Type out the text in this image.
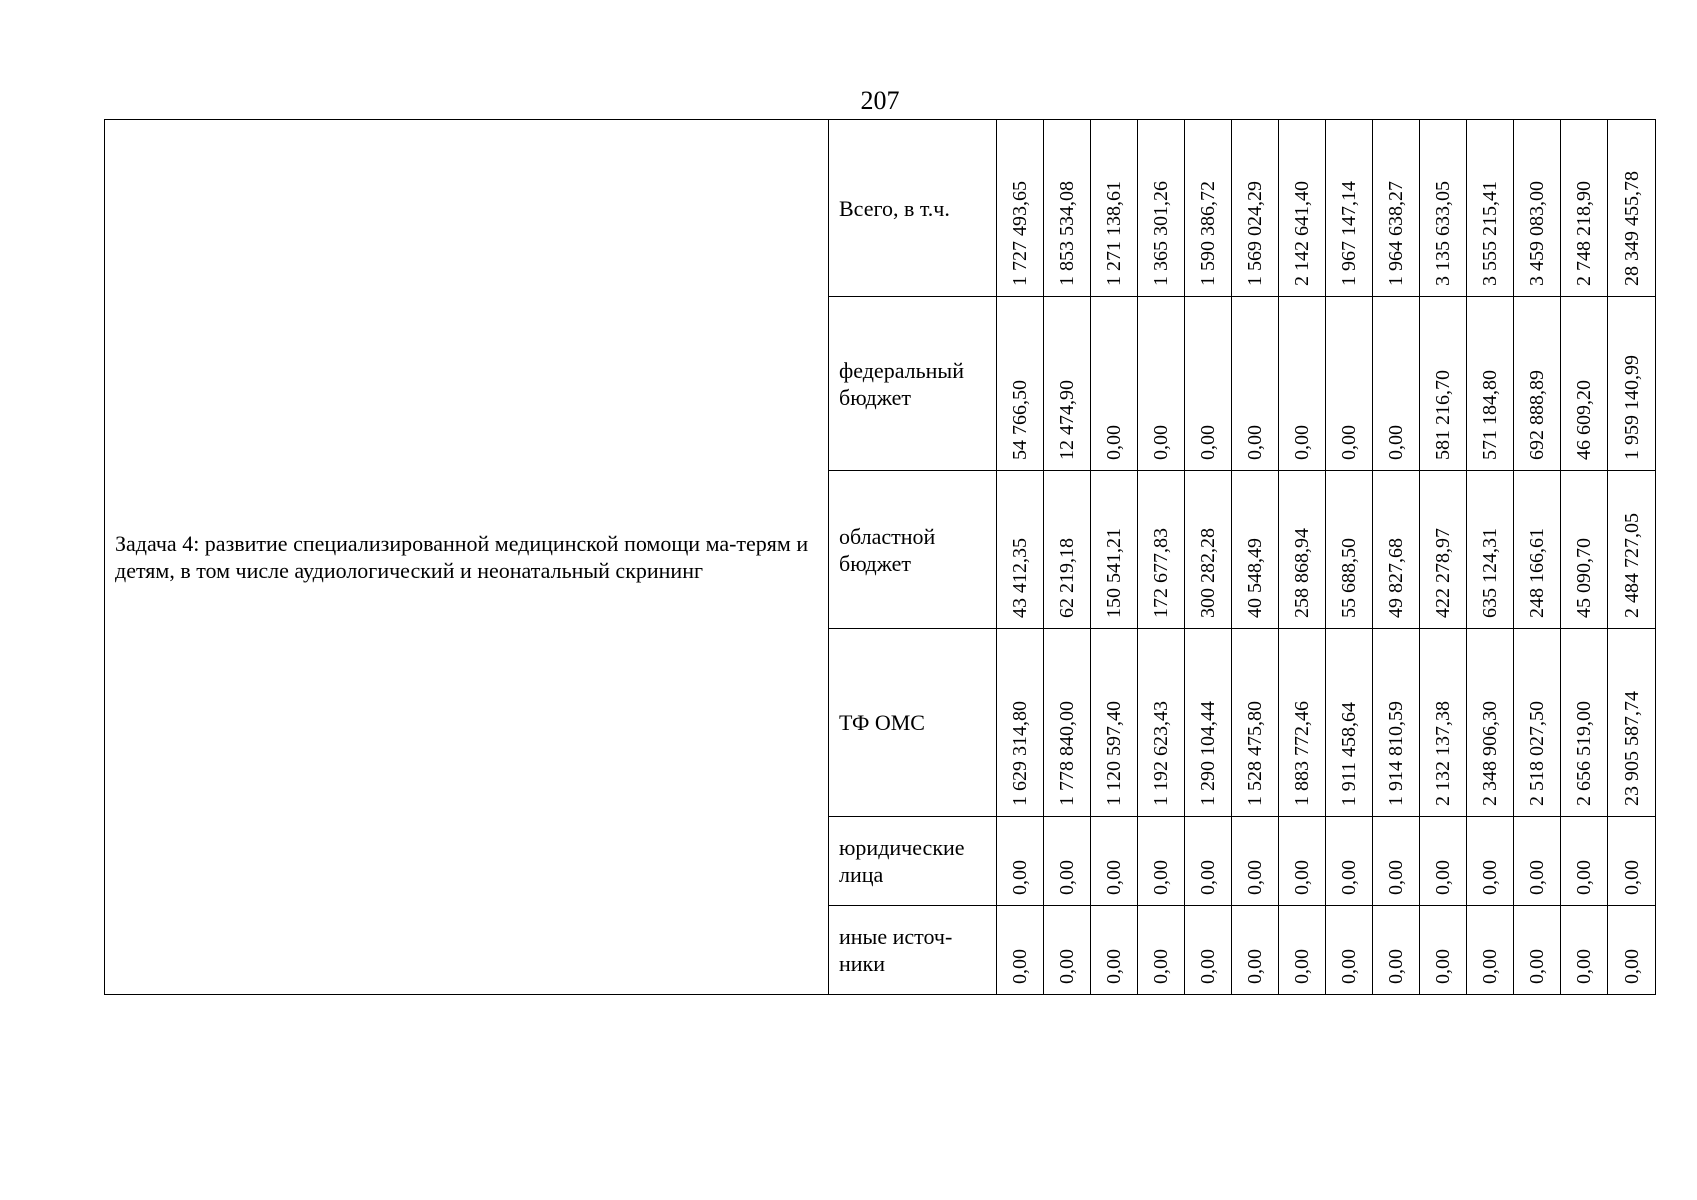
207
Задача 4: развитие специализированной медицинской помощи ма-терям и детям, в том числе аудиологический и неонатальный скрининг	Всего, в т.ч.	1 727 493,65	1 853 534,08	1 271 138,61	1 365 301,26	1 590 386,72	1 569 024,29	2 142 641,40	1 967 147,14	1 964 638,27	3 135 633,05	3 555 215,41	3 459 083,00	2 748 218,90	28 349 455,78

	федеральный бюджет	54 766,50	12 474,90	0,00	0,00	0,00	0,00	0,00	0,00	0,00	581 216,70	571 184,80	692 888,89	46 609,20	1 959 140,99

	областной бюджет	43 412,35	62 219,18	150 541,21	172 677,83	300 282,28	40 548,49	258 868,94	55 688,50	49 827,68	422 278,97	635 124,31	248 166,61	45 090,70	2 484 727,05

	ТФ ОМС	1 629 314,80	1 778 840,00	1 120 597,40	1 192 623,43	1 290 104,44	1 528 475,80	1 883 772,46	1 911 458,64	1 914 810,59	2 132 137,38	2 348 906,30	2 518 027,50	2 656 519,00	23 905 587,74

	юридические лица	0,00	0,00	0,00	0,00	0,00	0,00	0,00	0,00	0,00	0,00	0,00	0,00	0,00	0,00

	иные источ-ники	0,00	0,00	0,00	0,00	0,00	0,00	0,00	0,00	0,00	0,00	0,00	0,00	0,00	0,00
